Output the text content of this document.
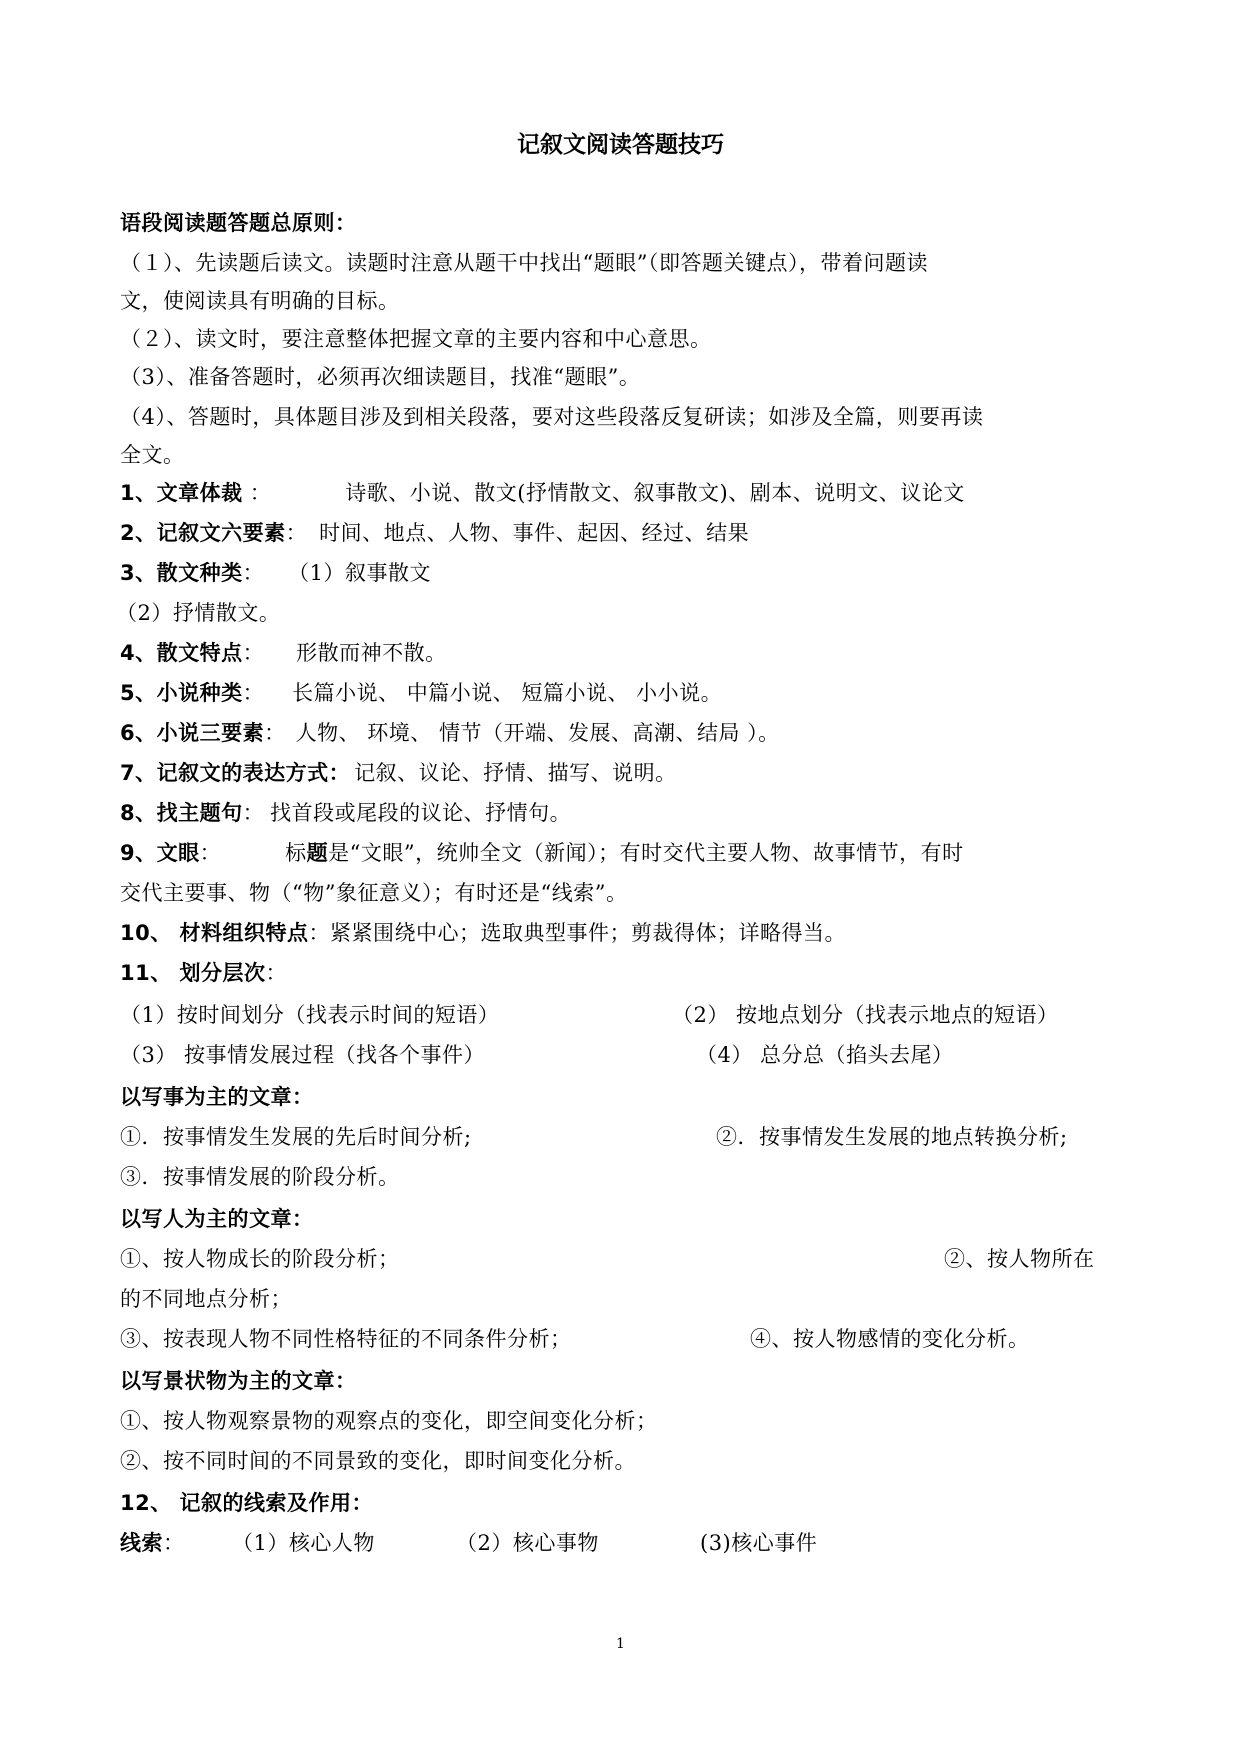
记叙文阅读答题技巧
语段阅读题答题总原则：
（１）、先读题后读文。读题时注意从题干中找出“题眼”（即答题关键点），带着问题读
文，使阅读具有明确的目标。
（２）、读文时，要注意整体把握文章的主要内容和中心意思。
（3）、准备答题时，必须再次细读题目，找准“题眼”。
（4）、答题时，具体题目涉及到相关段落，要对这些段落反复研读；如涉及全篇，则要再读
全文。
1、文章体裁 ：	诗歌、小说、散文(抒情散文、叙事散文)、剧本、说明文、议论文
2、记叙文六要素： 时间、地点、人物、事件、起因、经过、结果
3、散文种类： （1）叙事散文
（2）抒情散文。
4、散文特点： 形散而神不散。
5、小说种类： 长篇小说、 中篇小说、 短篇小说、 小小说。
6、小说三要素： 人物、 环境、 情节（开端、发展、高潮、结局 ）。
7、记叙文的表达方式： 记叙、议论、抒情、描写、说明。
8、找主题句： 找首段或尾段的议论、抒情句。
9、文眼：	标题是“文眼”，统帅全文（新闻）；有时交代主要人物、故事情节，有时
交代主要事、物（“物”象征意义）；有时还是“线索”。
10、 材料组织特点：紧紧围绕中心；选取典型事件；剪裁得体；详略得当。
11、 划分层次：
（1）按时间划分（找表示时间的短语）	（2） 按地点划分（找表示地点的短语）
（3） 按事情发展过程（找各个事件）	（4） 总分总（掐头去尾）
以写事为主的文章：
①．按事情发生发展的先后时间分析;	②．按事情发生发展的地点转换分析;
③．按事情发展的阶段分析。
以写人为主的文章：
①、按人物成长的阶段分析；	②、按人物所在
的不同地点分析；
③、按表现人物不同性格特征的不同条件分析；	④、按人物感情的变化分析。
以写景状物为主的文章：
①、按人物观察景物的观察点的变化，即空间变化分析；
②、按不同时间的不同景致的变化，即时间变化分析。
12、 记叙的线索及作用：
线索： （1）核心人物	（2）核心事物	(3)核心事件
1
